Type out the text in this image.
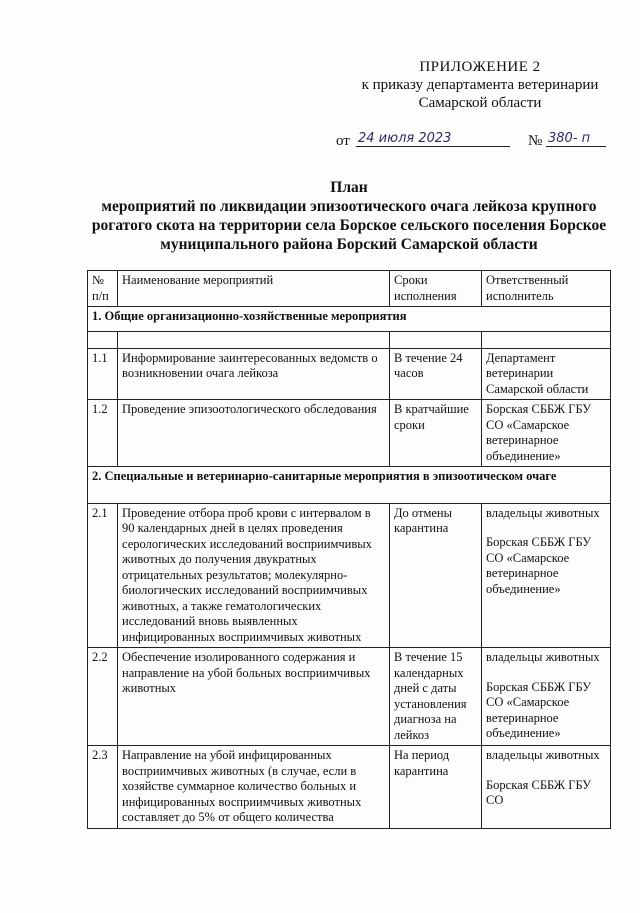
ПРИЛОЖЕНИЕ 2
к приказу департамента ветеринарии
Самарской области
от 24 июля 2023	№ 380- п
План
мероприятий по ликвидации эпизоотического очага лейкоза крупного рогатого скота на территории села Борское сельского поселения Борское муниципального района Борский Самарской области
№ п/п	Наименование мероприятий	Сроки исполнения	Ответственный исполнитель
1. Общие организационно-хозяйственные мероприятия			

1.1	Информирование заинтересованных ведомств о возникновении очага лейкоза	В течение 24 часов	Департамент ветеринарии Самарской области
1.2	Проведение эпизоотологического обследования	В кратчайшие сроки	Борская СББЖ ГБУ СО «Самарское ветеринарное объединение»
2. Специальные и ветеринарно-санитарные мероприятия в эпизоотическом очаге			
2.1	Проведение отбора проб крови с интервалом в 90 календарных дней в целях проведения серологических исследований восприимчивых животных до получения двукратных отрицательных результатов; молекулярно-биологических исследований восприимчивых животных, а также гематологических исследований вновь выявленных инфицированных восприимчивых животных	До отмены карантина	владельцы животных
Борская СББЖ ГБУ СО «Самарское ветеринарное объединение»

2.2	Обеспечение изолированного содержания и направление на убой больных восприимчивых животных	В течение 15 календарных дней с даты установления диагноза на лейкоз	владельцы животных
Борская СББЖ ГБУ СО «Самарское ветеринарное объединение»

2.3	Направление на убой инфицированных восприимчивых животных (в случае, если в хозяйстве суммарное количество больных и инфицированных восприимчивых животных составляет до 5% от общего количества	На период карантина	владельцы животных
Борская СББЖ ГБУ СО
